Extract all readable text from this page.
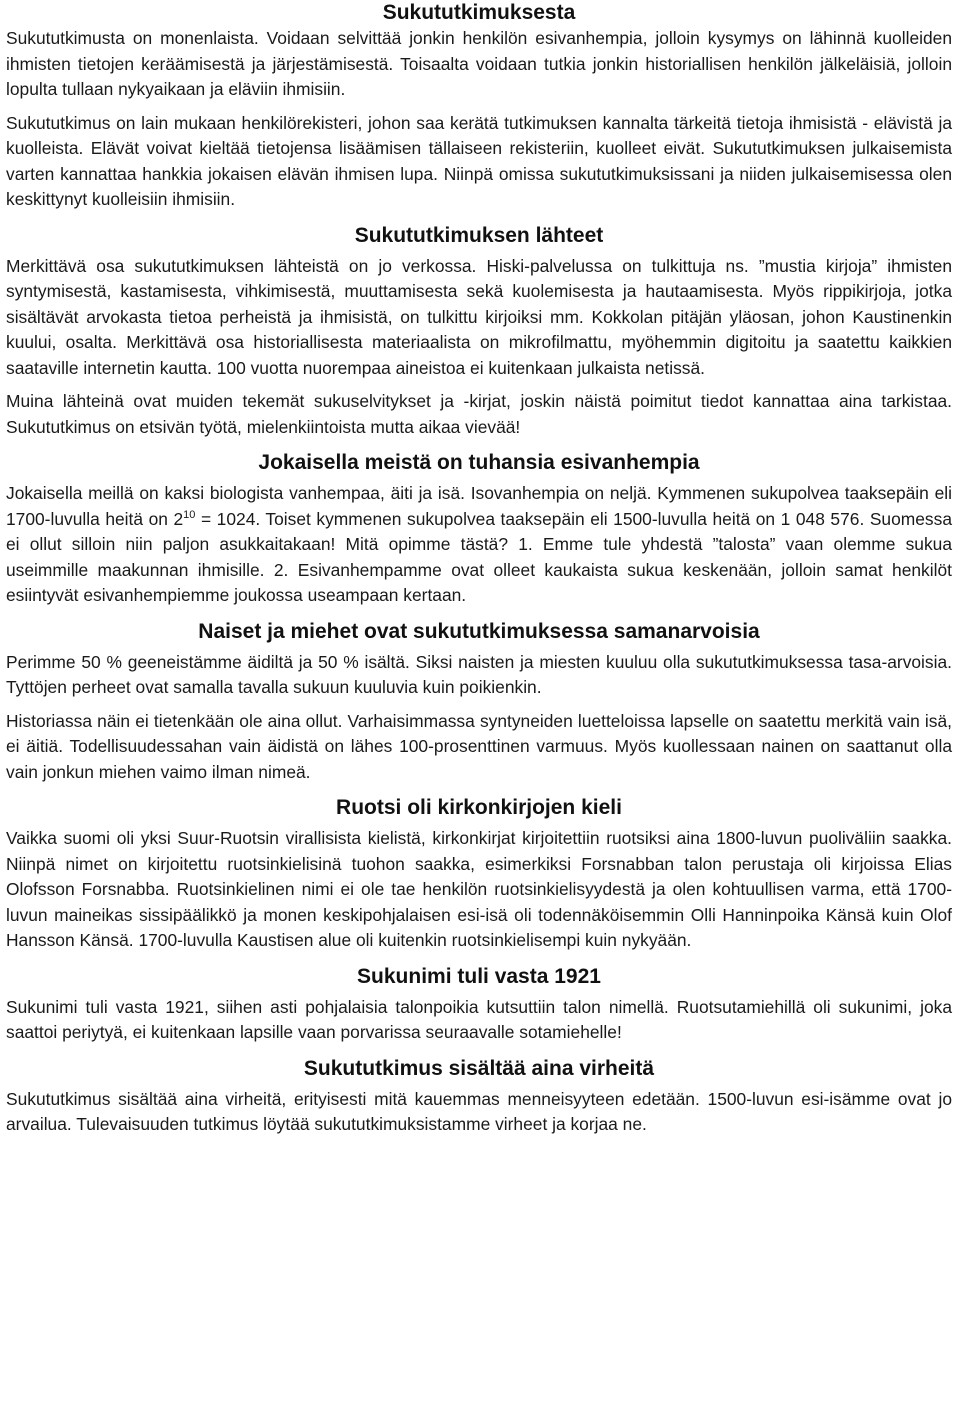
Sukututkimuksesta

Sukututkimusta on monenlaista. Voidaan selvittää jonkin henkilön esivanhempia, jolloin kysymys on lähinnä kuolleiden ihmisten tietojen keräämisestä ja järjestämisestä. Toisaalta voidaan tutkia jonkin historiallisen henkilön jälkeläisiä, jolloin lopulta tullaan nykyaikaan ja eläviin ihmisiin.

Sukututkimus on lain mukaan henkilörekisteri, johon saa kerätä tutkimuksen kannalta tärkeitä tietoja ihmisistä - elävistä ja kuolleista. Elävät voivat kieltää tietojensa lisäämisen tällaiseen rekisteriin, kuolleet eivät. Sukututkimuksen julkaisemista varten kannattaa hankkia jokaisen elävän ihmisen lupa. Niinpä omissa sukututkimuksissani ja niiden julkaisemisessa olen keskittynyt kuolleisiin ihmisiin.

Sukututkimuksen lähteet

Merkittävä osa sukututkimuksen lähteistä on jo verkossa. Hiski-palvelussa on tulkittuja ns. ”mustia kirjoja” ihmisten syntymisestä, kastamisesta, vihkimisestä, muuttamisesta sekä kuolemisesta ja hautaamisesta. Myös rippikirjoja, jotka sisältävät arvokasta tietoa perheistä ja ihmisistä, on tulkittu kirjoiksi mm. Kokkolan pitäjän yläosan, johon Kaustinenkin kuului, osalta. Merkittävä osa historiallisesta materiaalista on mikrofilmattu, myöhemmin digitoitu ja saatettu kaikkien saataville internetin kautta. 100 vuotta nuorempaa aineistoa ei kuitenkaan julkaista netissä.

Muina lähteinä ovat muiden tekemät sukuselvitykset ja -kirjat, joskin näistä poimitut tiedot kannattaa aina tarkistaa. Sukututkimus on etsivän työtä, mielenkiintoista mutta aikaa vievää!

Jokaisella meistä on tuhansia esivanhempia

Jokaisella meillä on kaksi biologista vanhempaa, äiti ja isä. Isovanhempia on neljä. Kymmenen sukupolvea taaksepäin eli 1700-luvulla heitä on $2^{10} = 1024$. Toiset kymmenen sukupolvea taaksepäin eli 1500-luvulla heitä on 1 048 576. Suomessa ei ollut silloin niin paljon asukkaitakaan! Mitä opimme tästä? 1. Emme tule yhdestä ”talosta” vaan olemme sukua useimmille maakunnan ihmisille. 2. Esivanhempamme ovat olleet kaukaista sukua keskenään, jolloin samat henkilöt esiintyvät esivanhempiemme joukossa useampaan kertaan.

Naiset ja miehet ovat sukututkimuksessa samanarvoisia

Perimme 50 % geeneistämme äidiltä ja 50 % isältä. Siksi naisten ja miesten kuuluu olla sukututkimuksessa tasa-arvoisia. Tyttöjen perheet ovat samalla tavalla sukuun kuuluvia kuin poikienkin.

Historiassa näin ei tietenkään ole aina ollut. Varhaisimmassa syntyneiden luetteloissa lapselle on saatettu merkitä vain isä, ei äitiä. Todellisuudessahan vain äidistä on lähes 100-prosenttinen varmuus. Myös kuollessaan nainen on saattanut olla vain jonkun miehen vaimo ilman nimeä.

Ruotsi oli kirkonkirjojen kieli

Vaikka suomi oli yksi Suur-Ruotsin virallisista kielistä, kirkonkirjat kirjoitettiin ruotsiksi aina 1800-luvun puoliväliin saakka. Niinpä nimet on kirjoitettu ruotsinkielisinä tuohon saakka, esimerkiksi Forsnabban talon perustaja oli kirjoissa Elias Olofsson Forsnabba. Ruotsinkielinen nimi ei ole tae henkilön ruotsinkielisyydestä ja olen kohtuullisen varma, että 1700-luvun maineikas sissipäälikkö ja monen keskipohjalaisen esi-isä oli todennäköisemmin Olli Hanninpoika Känsä kuin Olof Hansson Känsä. 1700-luvulla Kaustisen alue oli kuitenkin ruotsinkielisempi kuin nykyään.

Sukunimi tuli vasta 1921

Sukunimi tuli vasta 1921, siihen asti pohjalaisia talonpoikia kutsuttiin talon nimellä. Ruotsutamiehillä oli sukunimi, joka saattoi periytyä, ei kuitenkaan lapsille vaan porvarissa seuraavalle sotamiehelle!

Sukututkimus sisältää aina virheitä

Sukututkimus sisältää aina virheitä, erityisesti mitä kauemmas menneisyyteen edetään. 1500-luvun esi-isämme ovat jo arvailua. Tulevaisuuden tutkimus löytää sukututkimuksistamme virheet ja korjaa ne.
